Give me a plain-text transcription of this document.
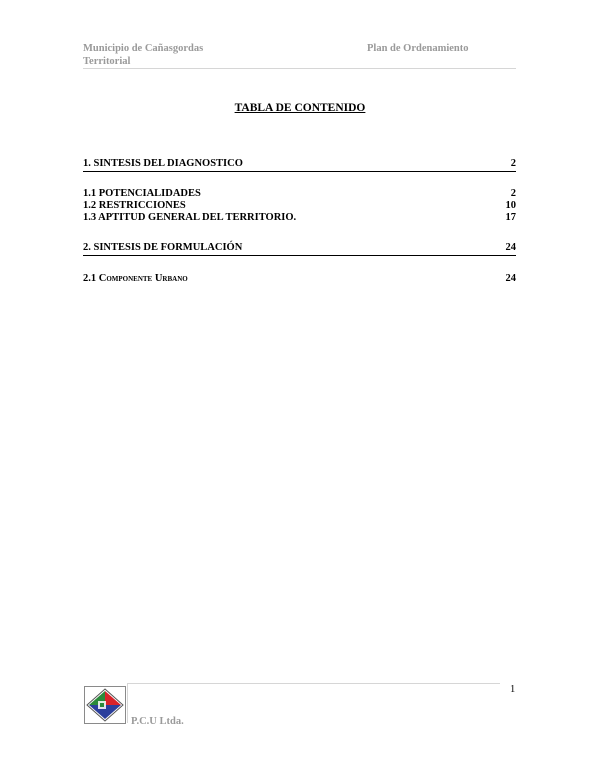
Municipio de Cañasgordas Territorial
Plan de Ordenamiento
TABLA DE CONTENIDO
1. SINTESIS DEL DIAGNOSTICO	2
1.1 POTENCIALIDADES	2
1.2 RESTRICCIONES	10
1.3 APTITUD GENERAL DEL TERRITORIO.	17
2. SINTESIS DE FORMULACIÓN	24
2.1 Componente Urbano	24
1
P.C.U Ltda.
